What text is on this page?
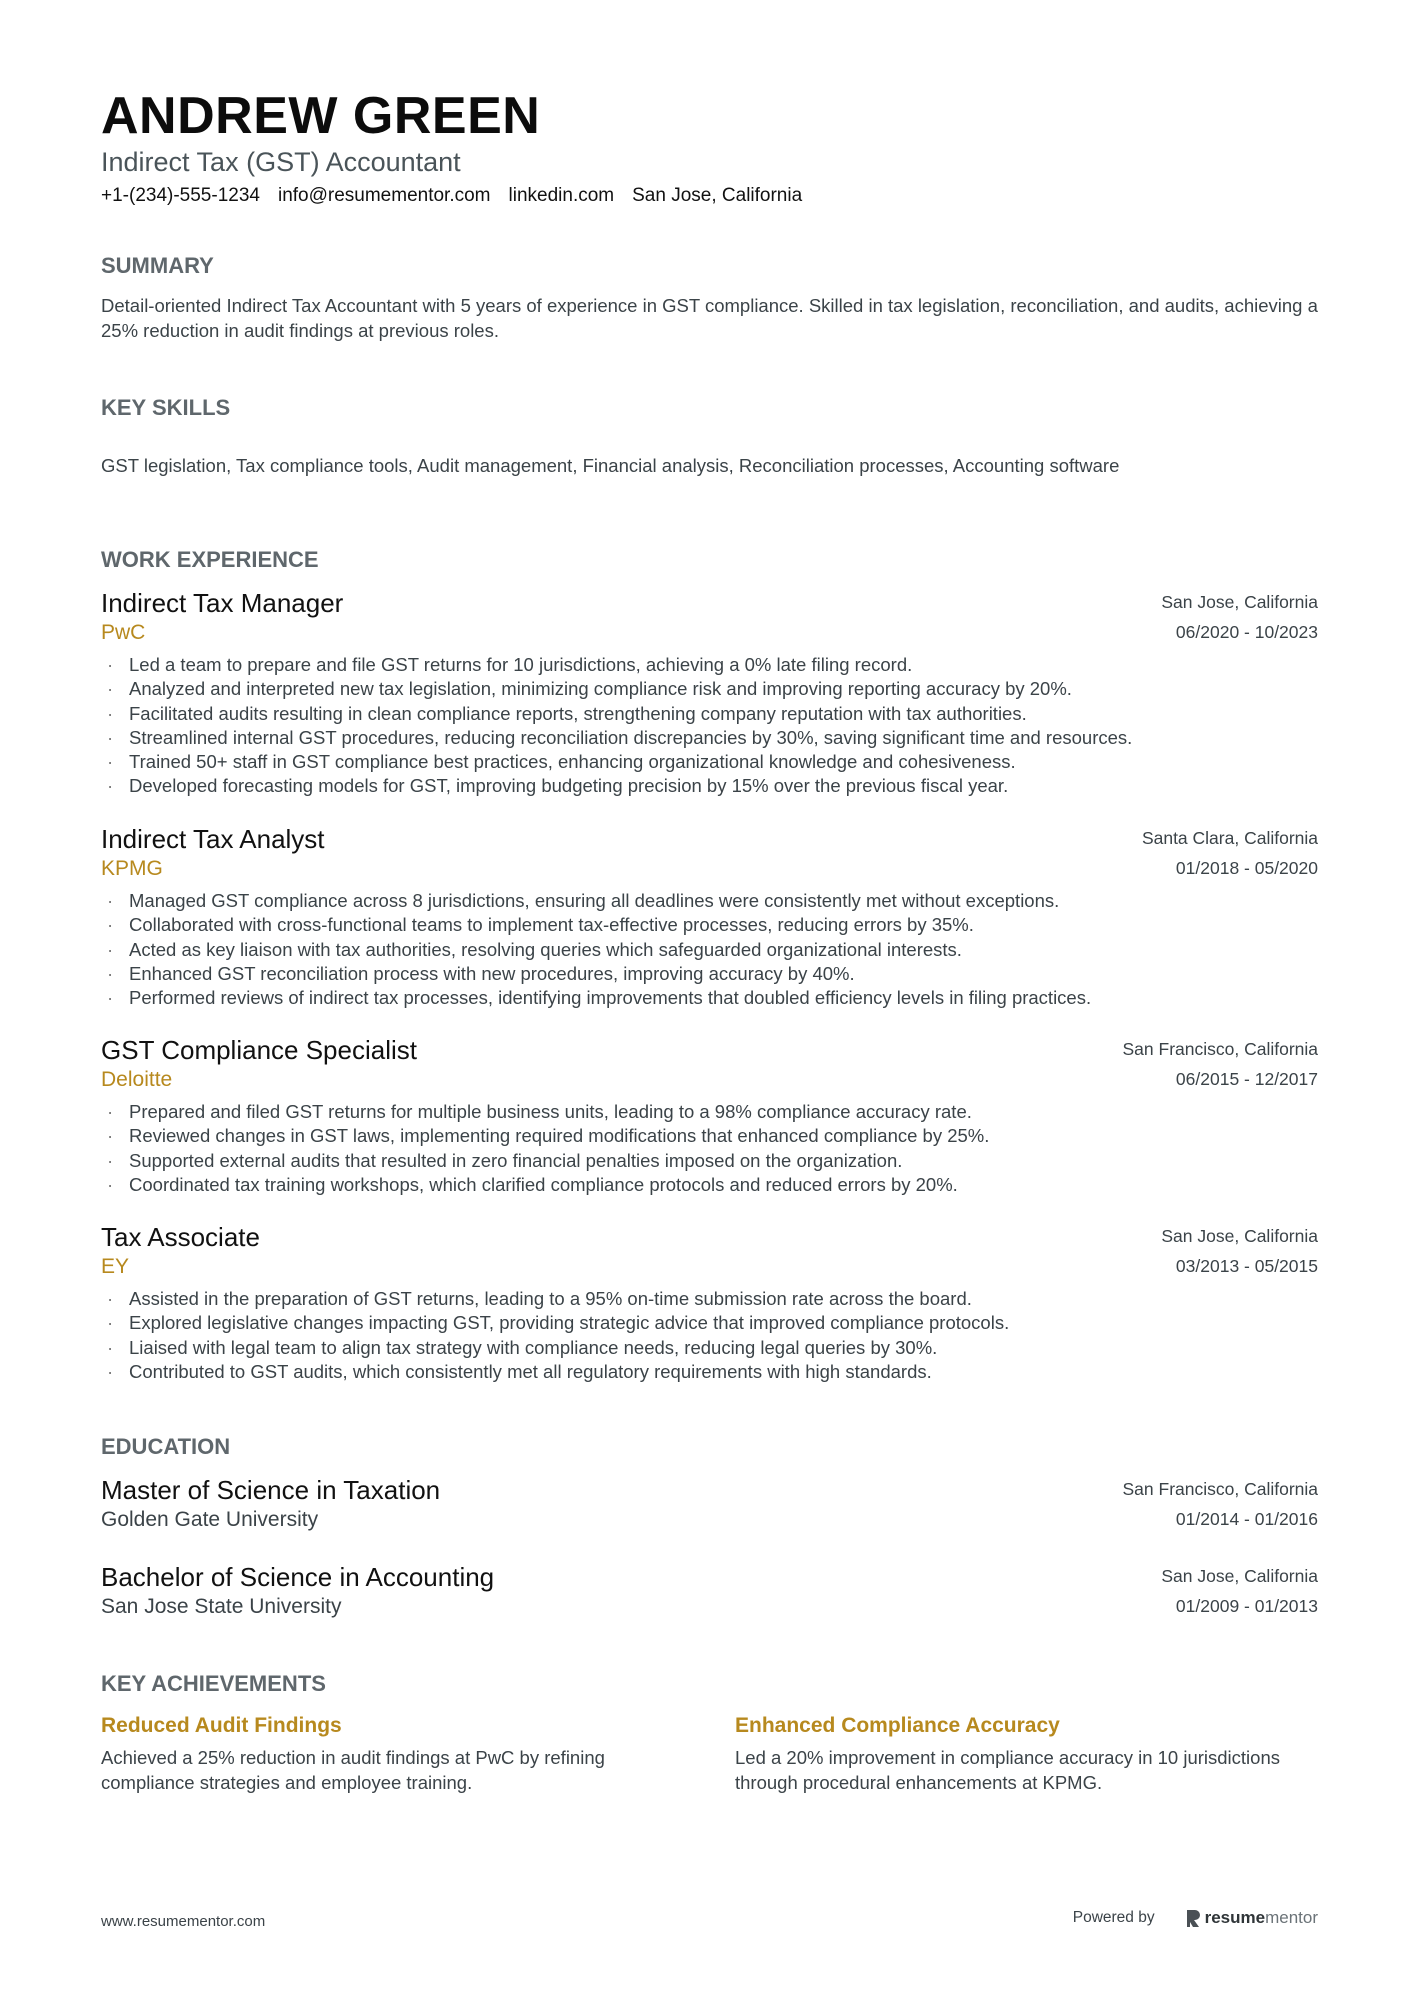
ANDREW GREEN
Indirect Tax (GST) Accountant
+1-(234)-555-1234 info@resumementor.com linkedin.com San Jose, California
SUMMARY
Detail-oriented Indirect Tax Accountant with 5 years of experience in GST compliance. Skilled in tax legislation, reconciliation, and audits, achieving a 25% reduction in audit findings at previous roles.
KEY SKILLS
GST legislation, Tax compliance tools, Audit management, Financial analysis, Reconciliation processes, Accounting software
WORK EXPERIENCE
Indirect Tax Manager
PwC
San Jose, California
06/2020 - 10/2023
· Led a team to prepare and file GST returns for 10 jurisdictions, achieving a 0% late filing record.
· Analyzed and interpreted new tax legislation, minimizing compliance risk and improving reporting accuracy by 20%.
· Facilitated audits resulting in clean compliance reports, strengthening company reputation with tax authorities.
· Streamlined internal GST procedures, reducing reconciliation discrepancies by 30%, saving significant time and resources.
· Trained 50+ staff in GST compliance best practices, enhancing organizational knowledge and cohesiveness.
· Developed forecasting models for GST, improving budgeting precision by 15% over the previous fiscal year.
Indirect Tax Analyst
KPMG
Santa Clara, California
01/2018 - 05/2020
· Managed GST compliance across 8 jurisdictions, ensuring all deadlines were consistently met without exceptions.
· Collaborated with cross-functional teams to implement tax-effective processes, reducing errors by 35%.
· Acted as key liaison with tax authorities, resolving queries which safeguarded organizational interests.
· Enhanced GST reconciliation process with new procedures, improving accuracy by 40%.
· Performed reviews of indirect tax processes, identifying improvements that doubled efficiency levels in filing practices.
GST Compliance Specialist
Deloitte
San Francisco, California
06/2015 - 12/2017
· Prepared and filed GST returns for multiple business units, leading to a 98% compliance accuracy rate.
· Reviewed changes in GST laws, implementing required modifications that enhanced compliance by 25%.
· Supported external audits that resulted in zero financial penalties imposed on the organization.
· Coordinated tax training workshops, which clarified compliance protocols and reduced errors by 20%.
Tax Associate
EY
San Jose, California
03/2013 - 05/2015
· Assisted in the preparation of GST returns, leading to a 95% on-time submission rate across the board.
· Explored legislative changes impacting GST, providing strategic advice that improved compliance protocols.
· Liaised with legal team to align tax strategy with compliance needs, reducing legal queries by 30%.
· Contributed to GST audits, which consistently met all regulatory requirements with high standards.
EDUCATION
Master of Science in Taxation
Golden Gate University
San Francisco, California
01/2014 - 01/2016
Bachelor of Science in Accounting
San Jose State University
San Jose, California
01/2009 - 01/2013
KEY ACHIEVEMENTS
Reduced Audit Findings
Achieved a 25% reduction in audit findings at PwC by refining compliance strategies and employee training.
Enhanced Compliance Accuracy
Led a 20% improvement in compliance accuracy in 10 jurisdictions through procedural enhancements at KPMG.
www.resumementor.com	Powered by	resume mentor
